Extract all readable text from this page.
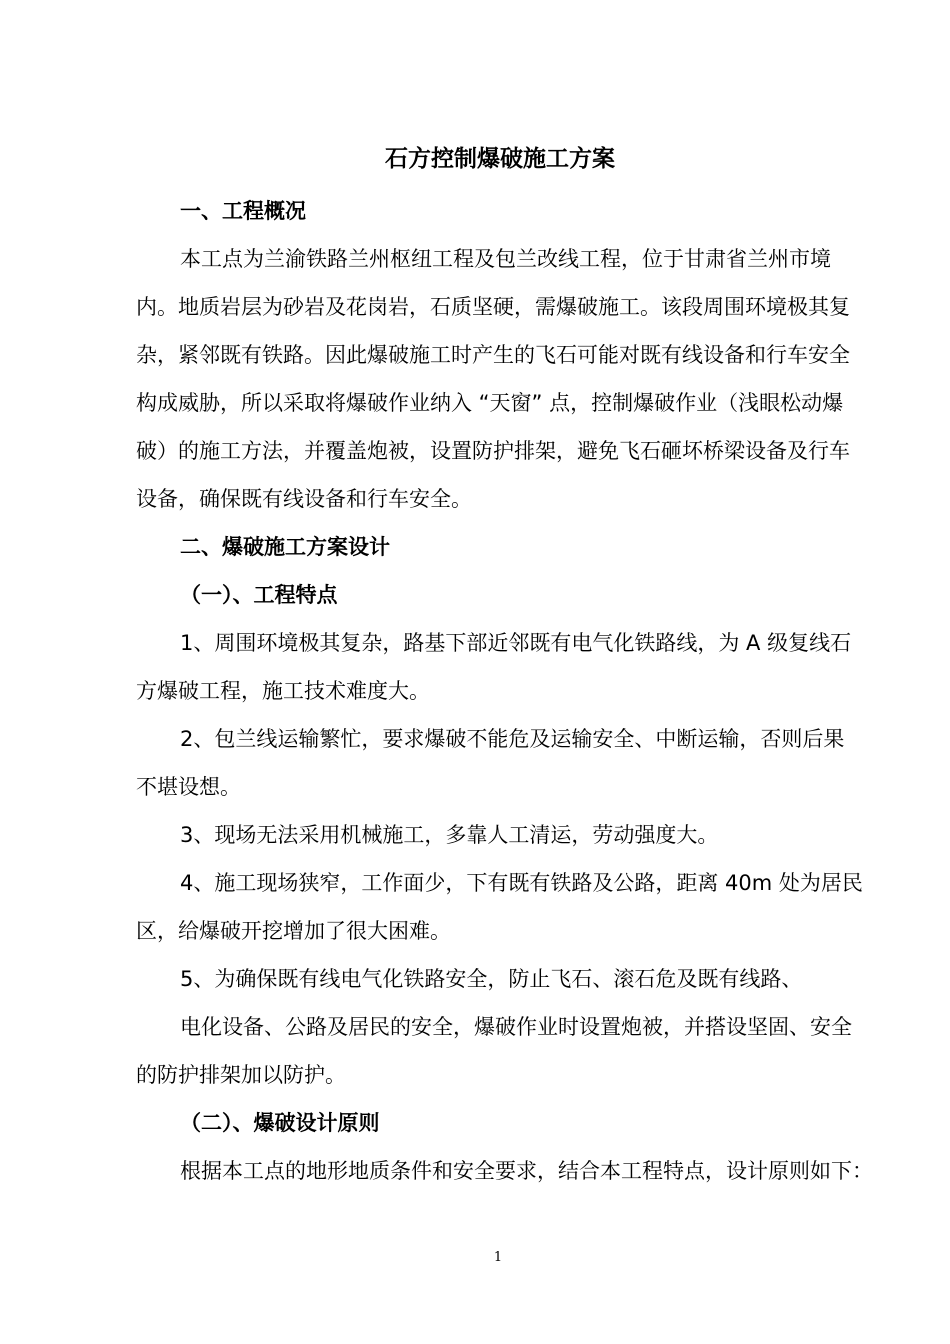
石方控制爆破施工方案
一、工程概况
本工点为兰渝铁路兰州枢纽工程及包兰改线工程，位于甘肃省兰州市境
内。地质岩层为砂岩及花岗岩，石质坚硬，需爆破施工。该段周围环境极其复
杂，紧邻既有铁路。因此爆破施工时产生的飞石可能对既有线设备和行车安全
构成威胁，所以采取将爆破作业纳入 “天窗” 点，控制爆破作业（浅眼松动爆
破）的施工方法，并覆盖炮被，设置防护排架，避免飞石砸坏桥梁设备及行车
设备，确保既有线设备和行车安全。
二、爆破施工方案设计
（一）、工程特点
1、周围环境极其复杂，路基下部近邻既有电气化铁路线，为 A 级复线石
方爆破工程，施工技术难度大。
2、包兰线运输繁忙，要求爆破不能危及运输安全、中断运输，否则后果
不堪设想。
3、现场无法采用机械施工，多靠人工清运，劳动强度大。
4、施工现场狭窄，工作面少，下有既有铁路及公路，距离 40m 处为居民
区，给爆破开挖增加了很大困难。
5、为确保既有线电气化铁路安全，防止飞石、滚石危及既有线路、
电化设备、公路及居民的安全，爆破作业时设置炮被，并搭设坚固、安全
的防护排架加以防护。
（二）、爆破设计原则
根据本工点的地形地质条件和安全要求，结合本工程特点，设计原则如下：
1
